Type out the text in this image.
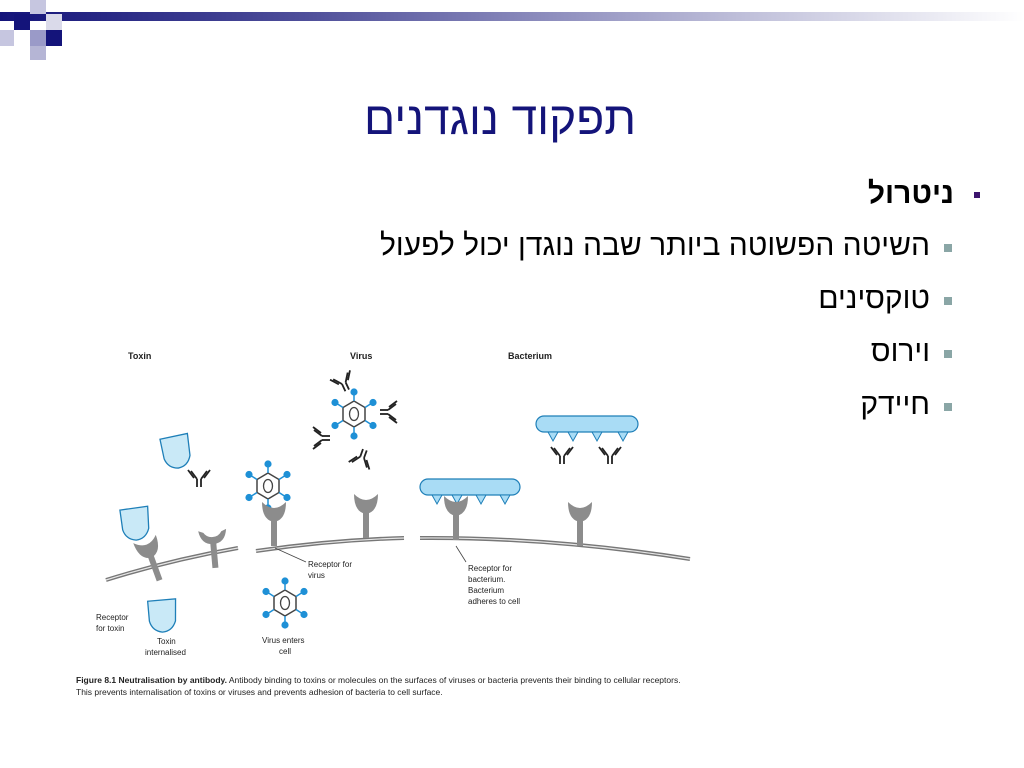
תפקוד נוגדנים
ניטרול
השיטה הפשוטה ביותר שבה נוגדן יכול לפעול
טוקסינים
וירוס
חיידק
Toxin	Virus	Bacterium
Receptor
for toxin
Toxin
internalised
Receptor for
virus
Virus enters
cell
Receptor for
bacterium.
Bacterium
adheres to cell
Figure 8.1 Neutralisation by antibody. Antibody binding to toxins or molecules on the surfaces of viruses or bacteria prevents their binding to cellular receptors.
This prevents internalisation of toxins or viruses and prevents adhesion of bacteria to cell surface.
